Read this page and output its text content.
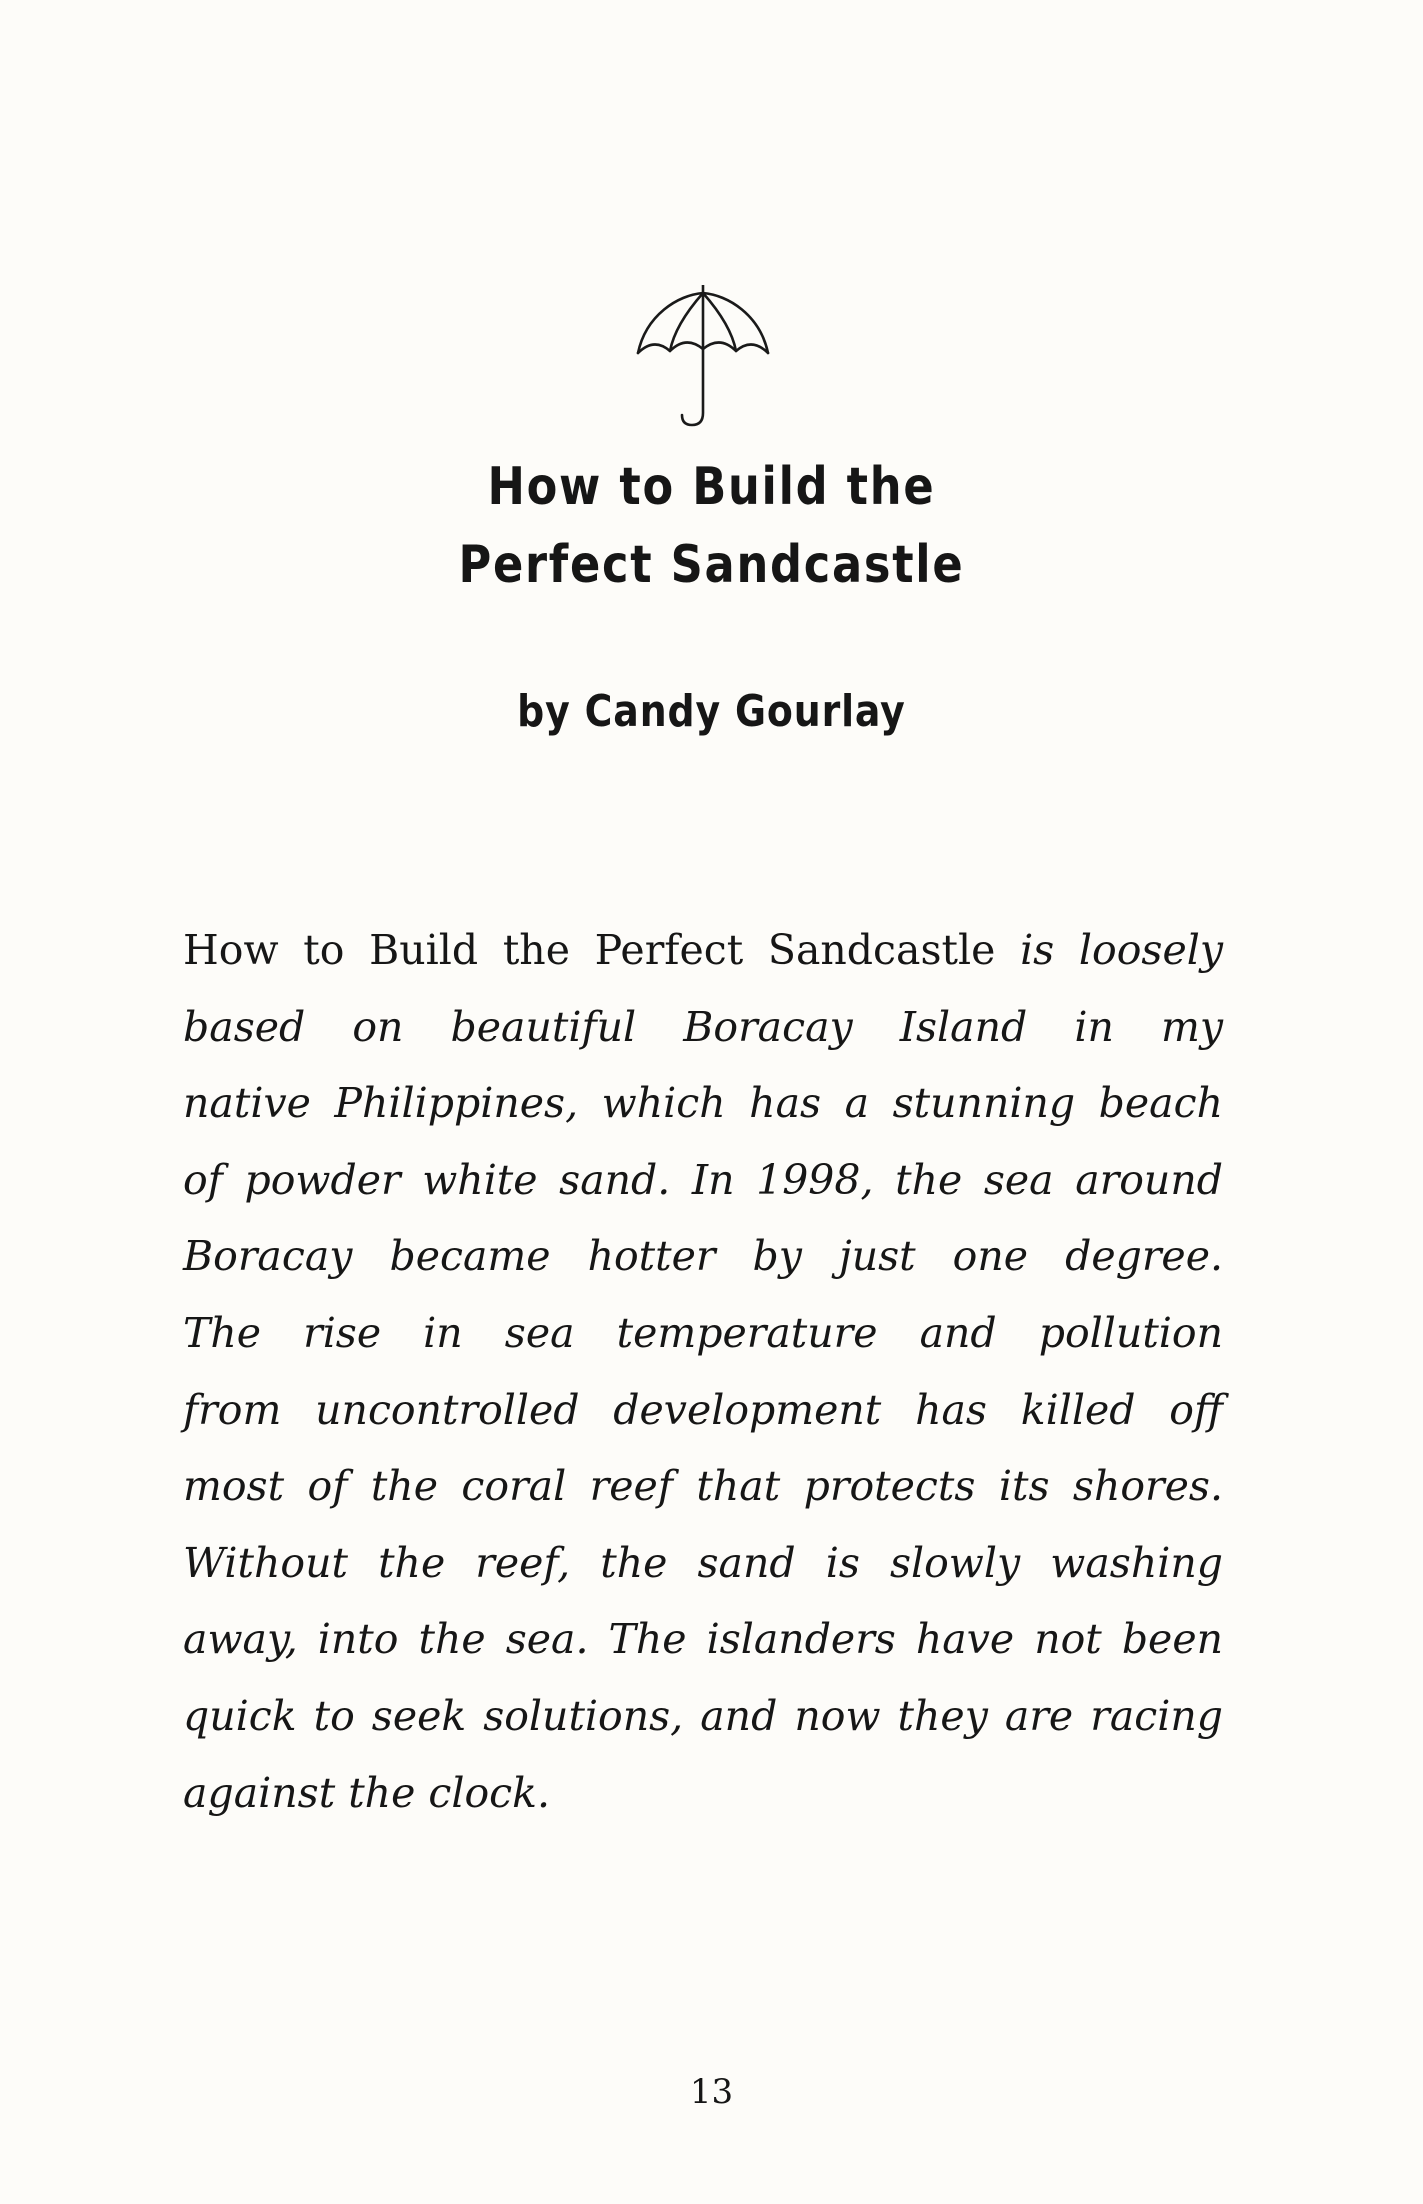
How to Build the
Perfect Sandcastle
by Candy Gourlay
How to Build the Perfect Sandcastle is loosely
based on beautiful Boracay Island in my
native Philippines, which has a stunning beach
of powder white sand. In 1998, the sea around
Boracay became hotter by just one degree.
The rise in sea temperature and pollution
from uncontrolled development has killed off
most of the coral reef that protects its shores.
Without the reef, the sand is slowly washing
away, into the sea. The islanders have not been
quick to seek solutions, and now they are racing
against the clock.
13
